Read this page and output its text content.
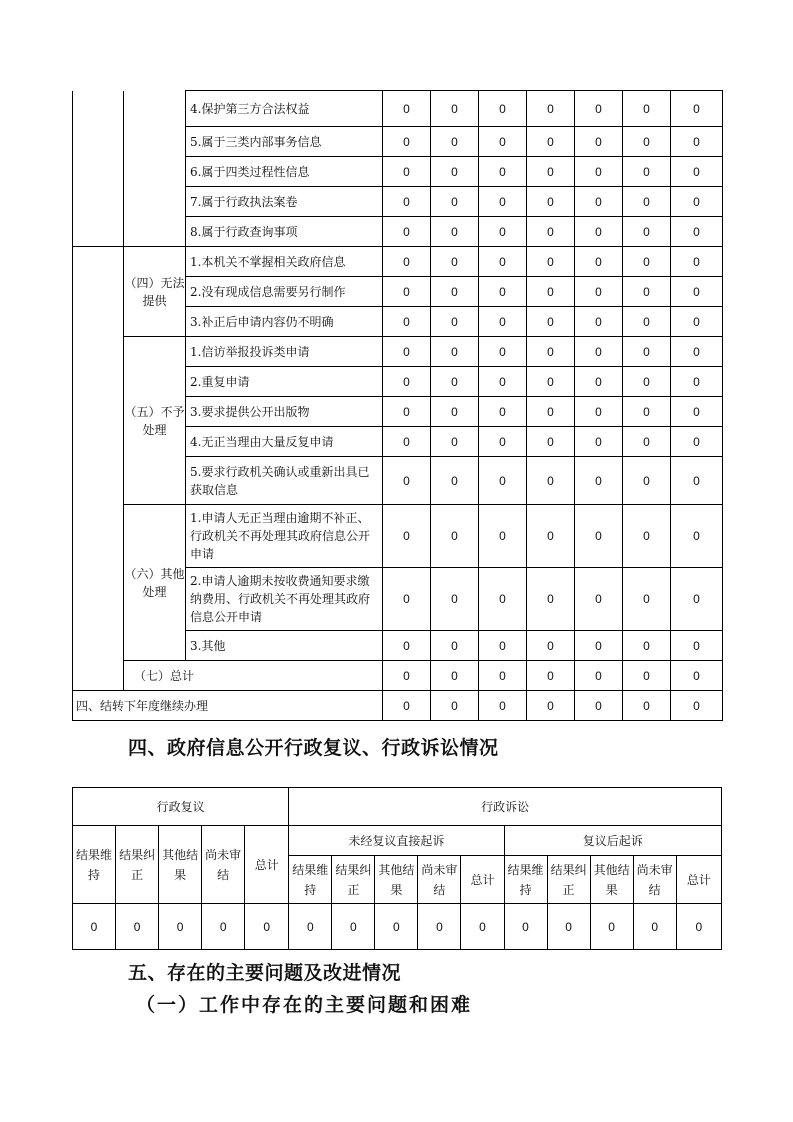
		4.保护第三方合法权益	0	0	0	0	0	0	0
		5.属于三类内部事务信息	0	0	0	0	0	0	0
		6.属于四类过程性信息	0	0	0	0	0	0	0
		7.属于行政执法案卷	0	0	0	0	0	0	0
		8.属于行政查询事项	0	0	0	0	0	0	0
	（四）无法提供	1.本机关不掌握相关政府信息	0	0	0	0	0	0	0
		2.没有现成信息需要另行制作	0	0	0	0	0	0	0
		3.补正后申请内容仍不明确	0	0	0	0	0	0	0
	（五）不予处理	1.信访举报投诉类申请	0	0	0	0	0	0	0
		2.重复申请	0	0	0	0	0	0	0
		3.要求提供公开出版物	0	0	0	0	0	0	0
		4.无正当理由大量反复申请	0	0	0	0	0	0	0
		5.要求行政机关确认或重新出具已获取信息	0	0	0	0	0	0	0
	（六）其他处理	1.申请人无正当理由逾期不补正、行政机关不再处理其政府信息公开申请	0	0	0	0	0	0	0
		2.申请人逾期未按收费通知要求缴纳费用、行政机关不再处理其政府信息公开申请	0	0	0	0	0	0	0
		3.其他	0	0	0	0	0	0	0
	（七）总计		0	0	0	0	0	0	0
四、结转下年度继续办理			0	0	0	0	0	0	0
四、政府信息公开行政复议、行政诉讼情况
行政复议					行政诉讼									
结果维持	结果纠正	其他结果	尚未审结	总计	未经复议直接起诉					复议后起诉				
					结果维持	结果纠正	其他结果	尚未审结	总计	结果维持	结果纠正	其他结果	尚未审结	总计
0	0	0	0	0	0	0	0	0	0	0	0	0	0	0
五、存在的主要问题及改进情况
（一）工作中存在的主要问题和困难
